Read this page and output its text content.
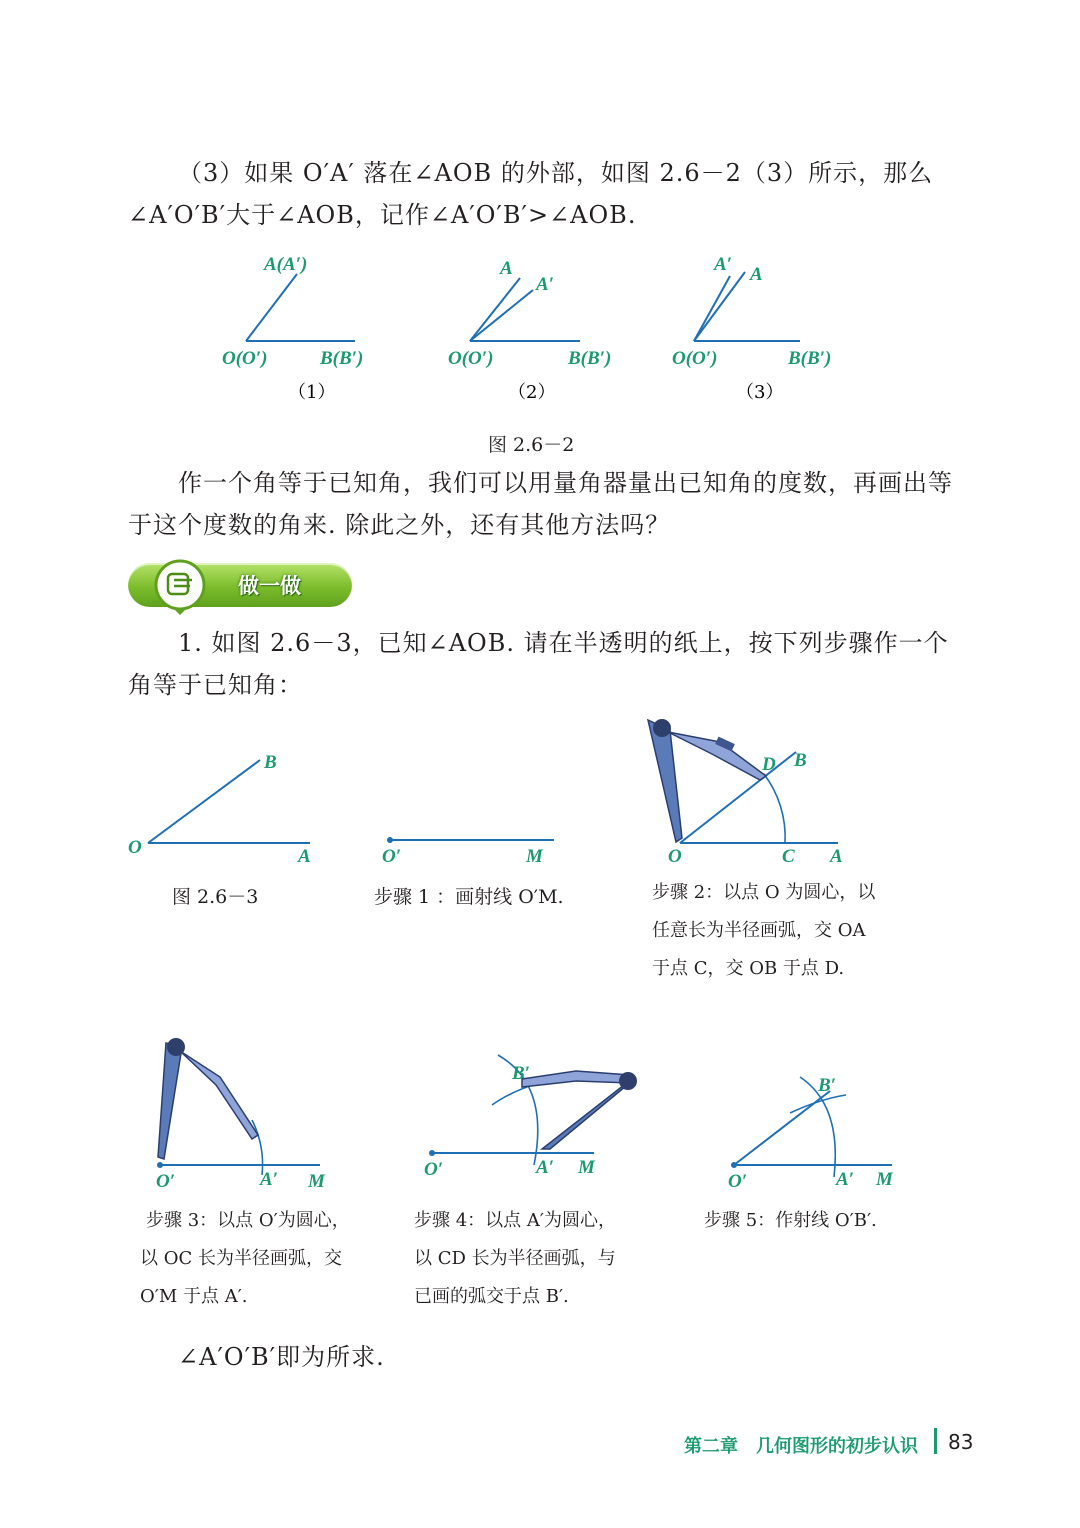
（3）如果 O′A′ 落在∠AOB 的外部，如图 2.6－2（3）所示，那么
∠A′O′B′大于∠AOB，记作∠A′O′B′>∠AOB.
A(A′)
O(O′)	B(B′)
（1）
A
A′
O(O′)	B(B′)
（2）
A′ A
O(O′)	B(B′)
（3）
图 2.6－2
作一个角等于已知角，我们可以用量角器量出已知角的度数，再画出等
于这个度数的角来. 除此之外，还有其他方法吗？
做一做
1. 如图 2.6－3，已知∠AOB. 请在半透明的纸上，按下列步骤作一个
角等于已知角：
O	A
B
O′	M	O	C A
D B
图 2.6－3	步骤 1 ：画射线 O′M.	步骤 2：以点 O 为圆心，以
任意长为半径画弧，交 OA
于点 C，交 OB 于点 D.
O′	A′ M
B′
O′	A′ M
B′
O′	A′ M
步骤 3：以点 O′为圆心，
以 OC 长为半径画弧，交
O′M 于点 A′.
步骤 4：以点 A′为圆心，
以 CD 长为半径画弧，与
已画的弧交于点 B′.
步骤 5：作射线 O′B′.
∠A′O′B′即为所求.
第二章　几何图形的初步认识 83
